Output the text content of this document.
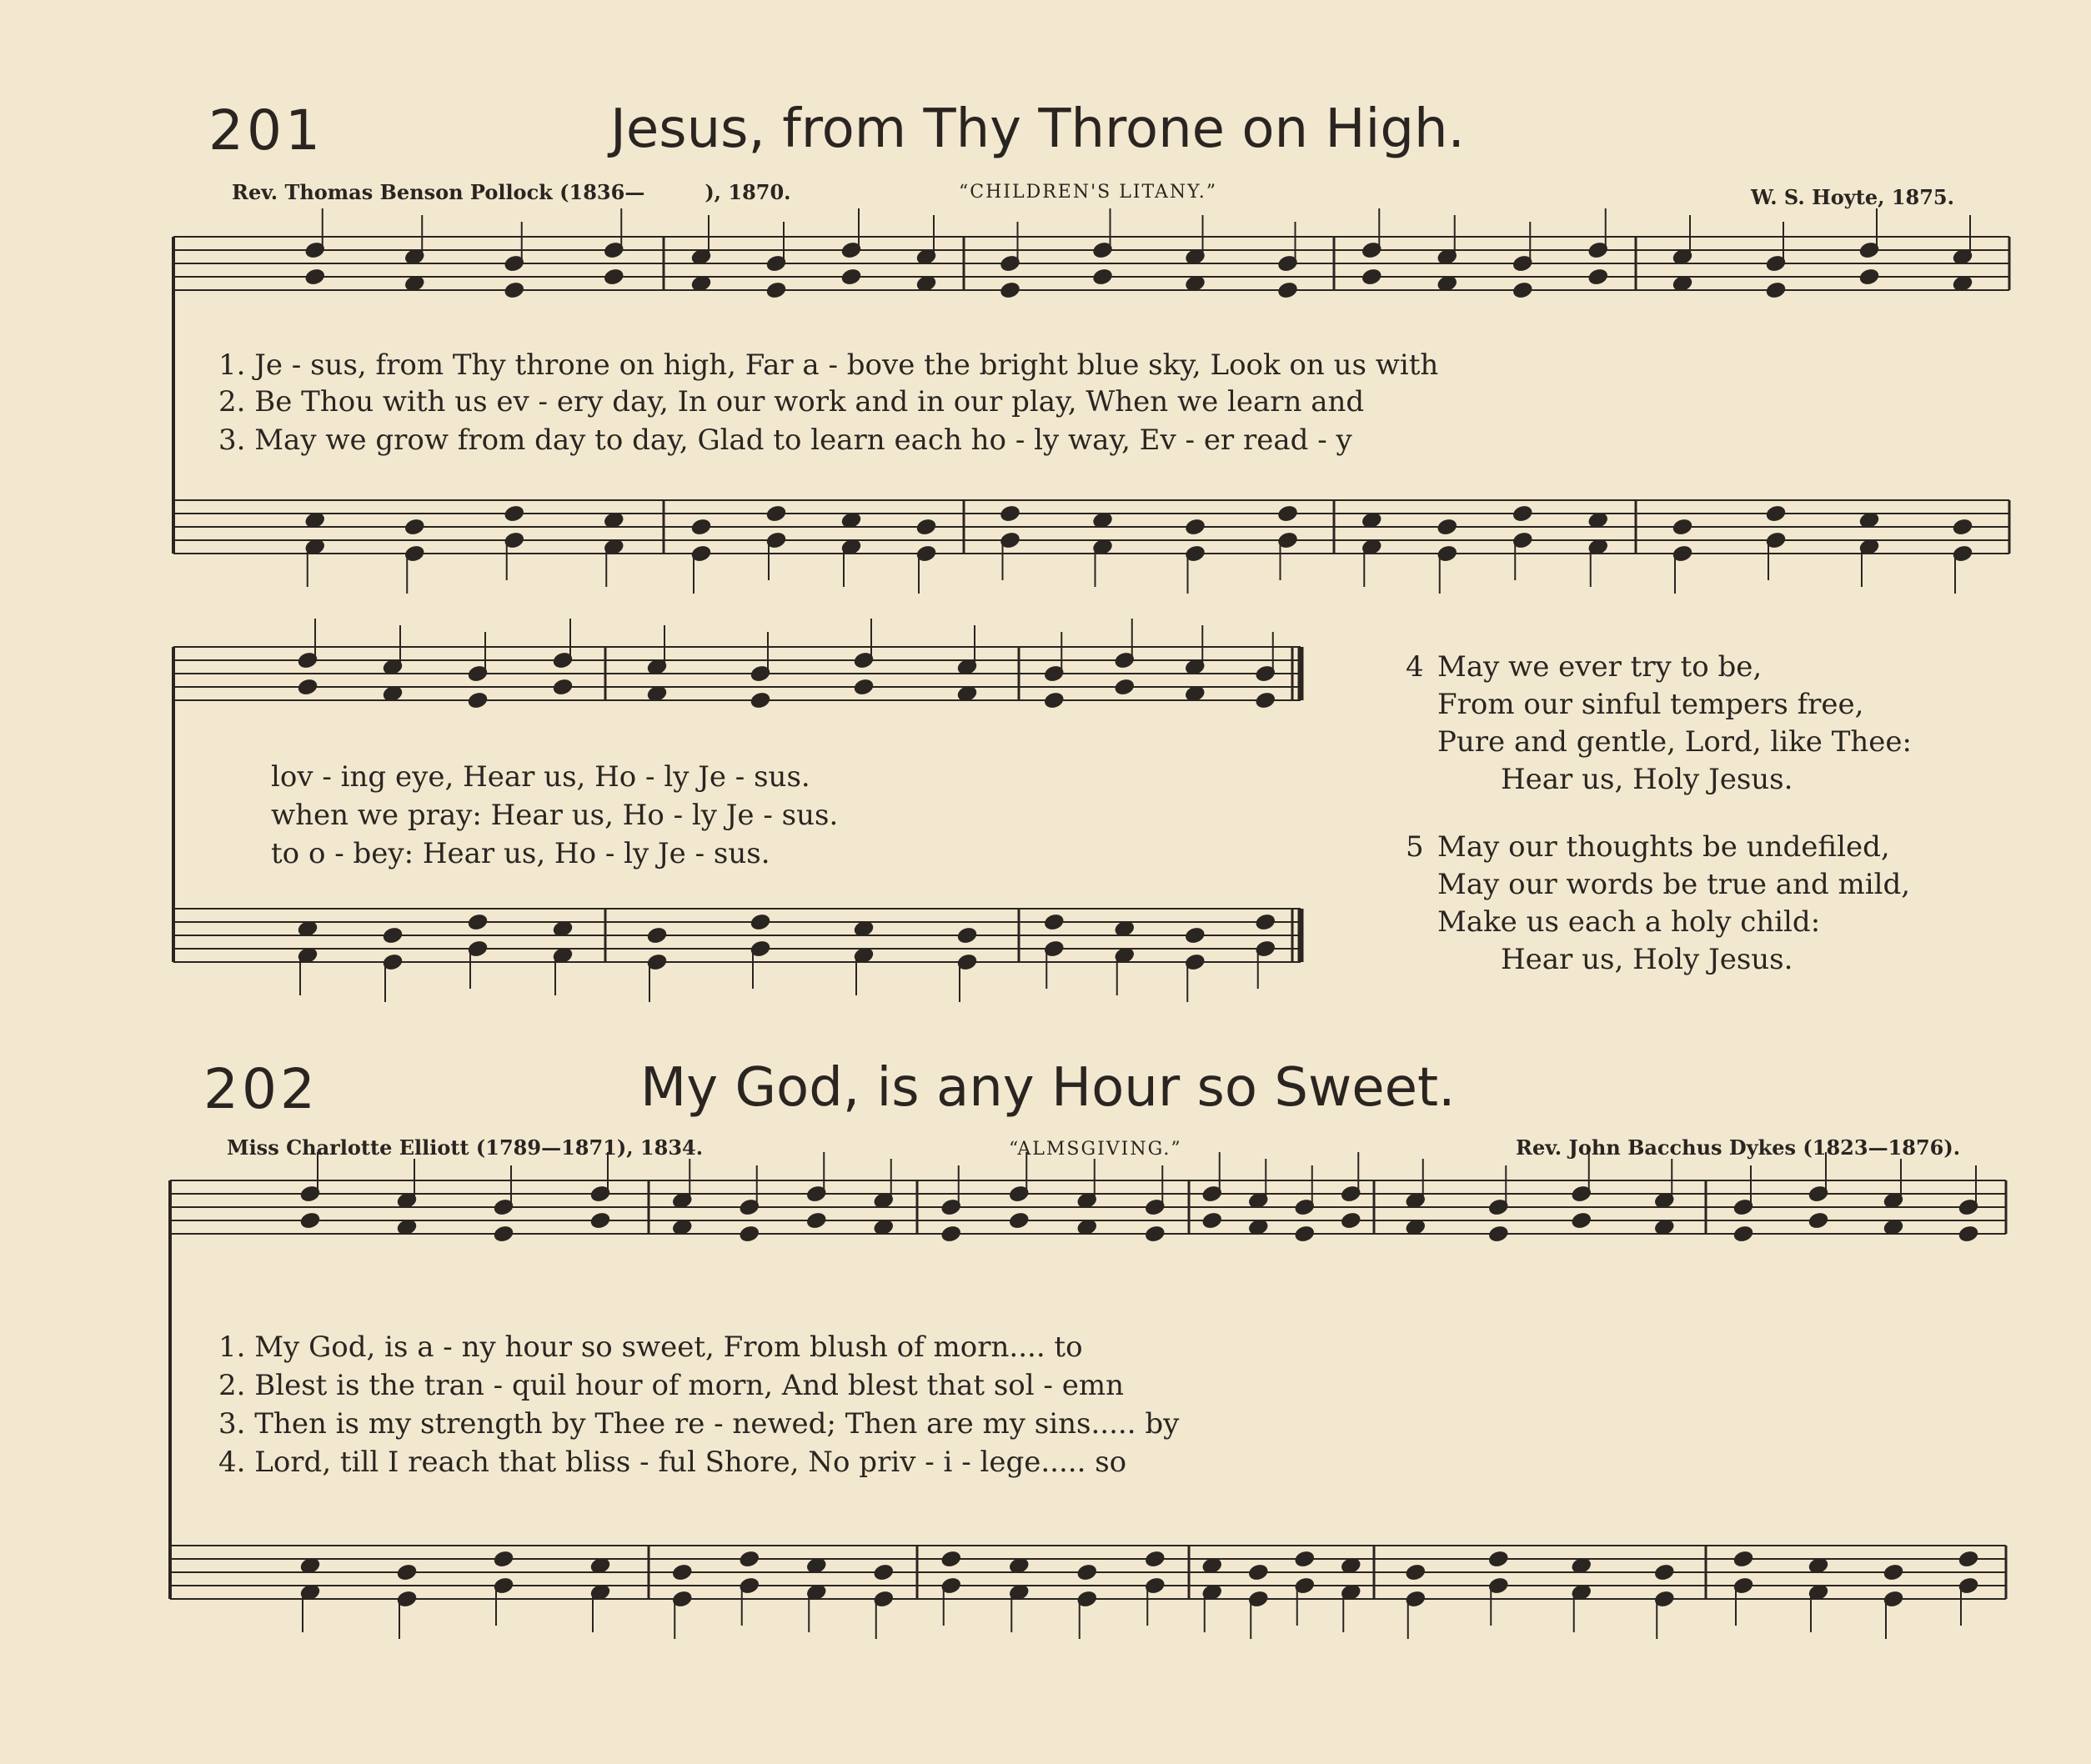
201	Jesus, from Thy Throne on High.
Rev. Thomas Benson Pollock (1836—   ), 1870.	“CHILDREN'S LITANY.”	W. S. Hoyte, 1875.
1. Je - sus, from Thy throne on high, Far a - bove the bright blue sky, Look on us with
2. Be Thou with us ev - ery day, In our work and in our play, When we learn and
3. May we grow from day to day, Glad to learn each ho - ly way, Ev - er read - y
lov - ing eye, Hear us, Ho - ly Je - sus.
when we pray: Hear us, Ho - ly Je - sus.
to o - bey: Hear us, Ho - ly Je - sus.
4 May we ever try to be,
From our sinful tempers free,
Pure and gentle, Lord, like Thee:
Hear us, Holy Jesus.
5 May our thoughts be undefiled,
May our words be true and mild,
Make us each a holy child:
Hear us, Holy Jesus.
202	My God, is any Hour so Sweet.
Miss Charlotte Elliott (1789—1871), 1834.	“ALMSGIVING.”	Rev. John Bacchus Dykes (1823—1876).
1. My God, is a - ny hour so sweet, From blush of morn.... to
2. Blest is the tran - quil hour of morn, And blest that sol - emn
3. Then is my strength by Thee re - newed; Then are my sins..... by
4. Lord, till I reach that bliss - ful Shore, No priv - i - lege..... so
